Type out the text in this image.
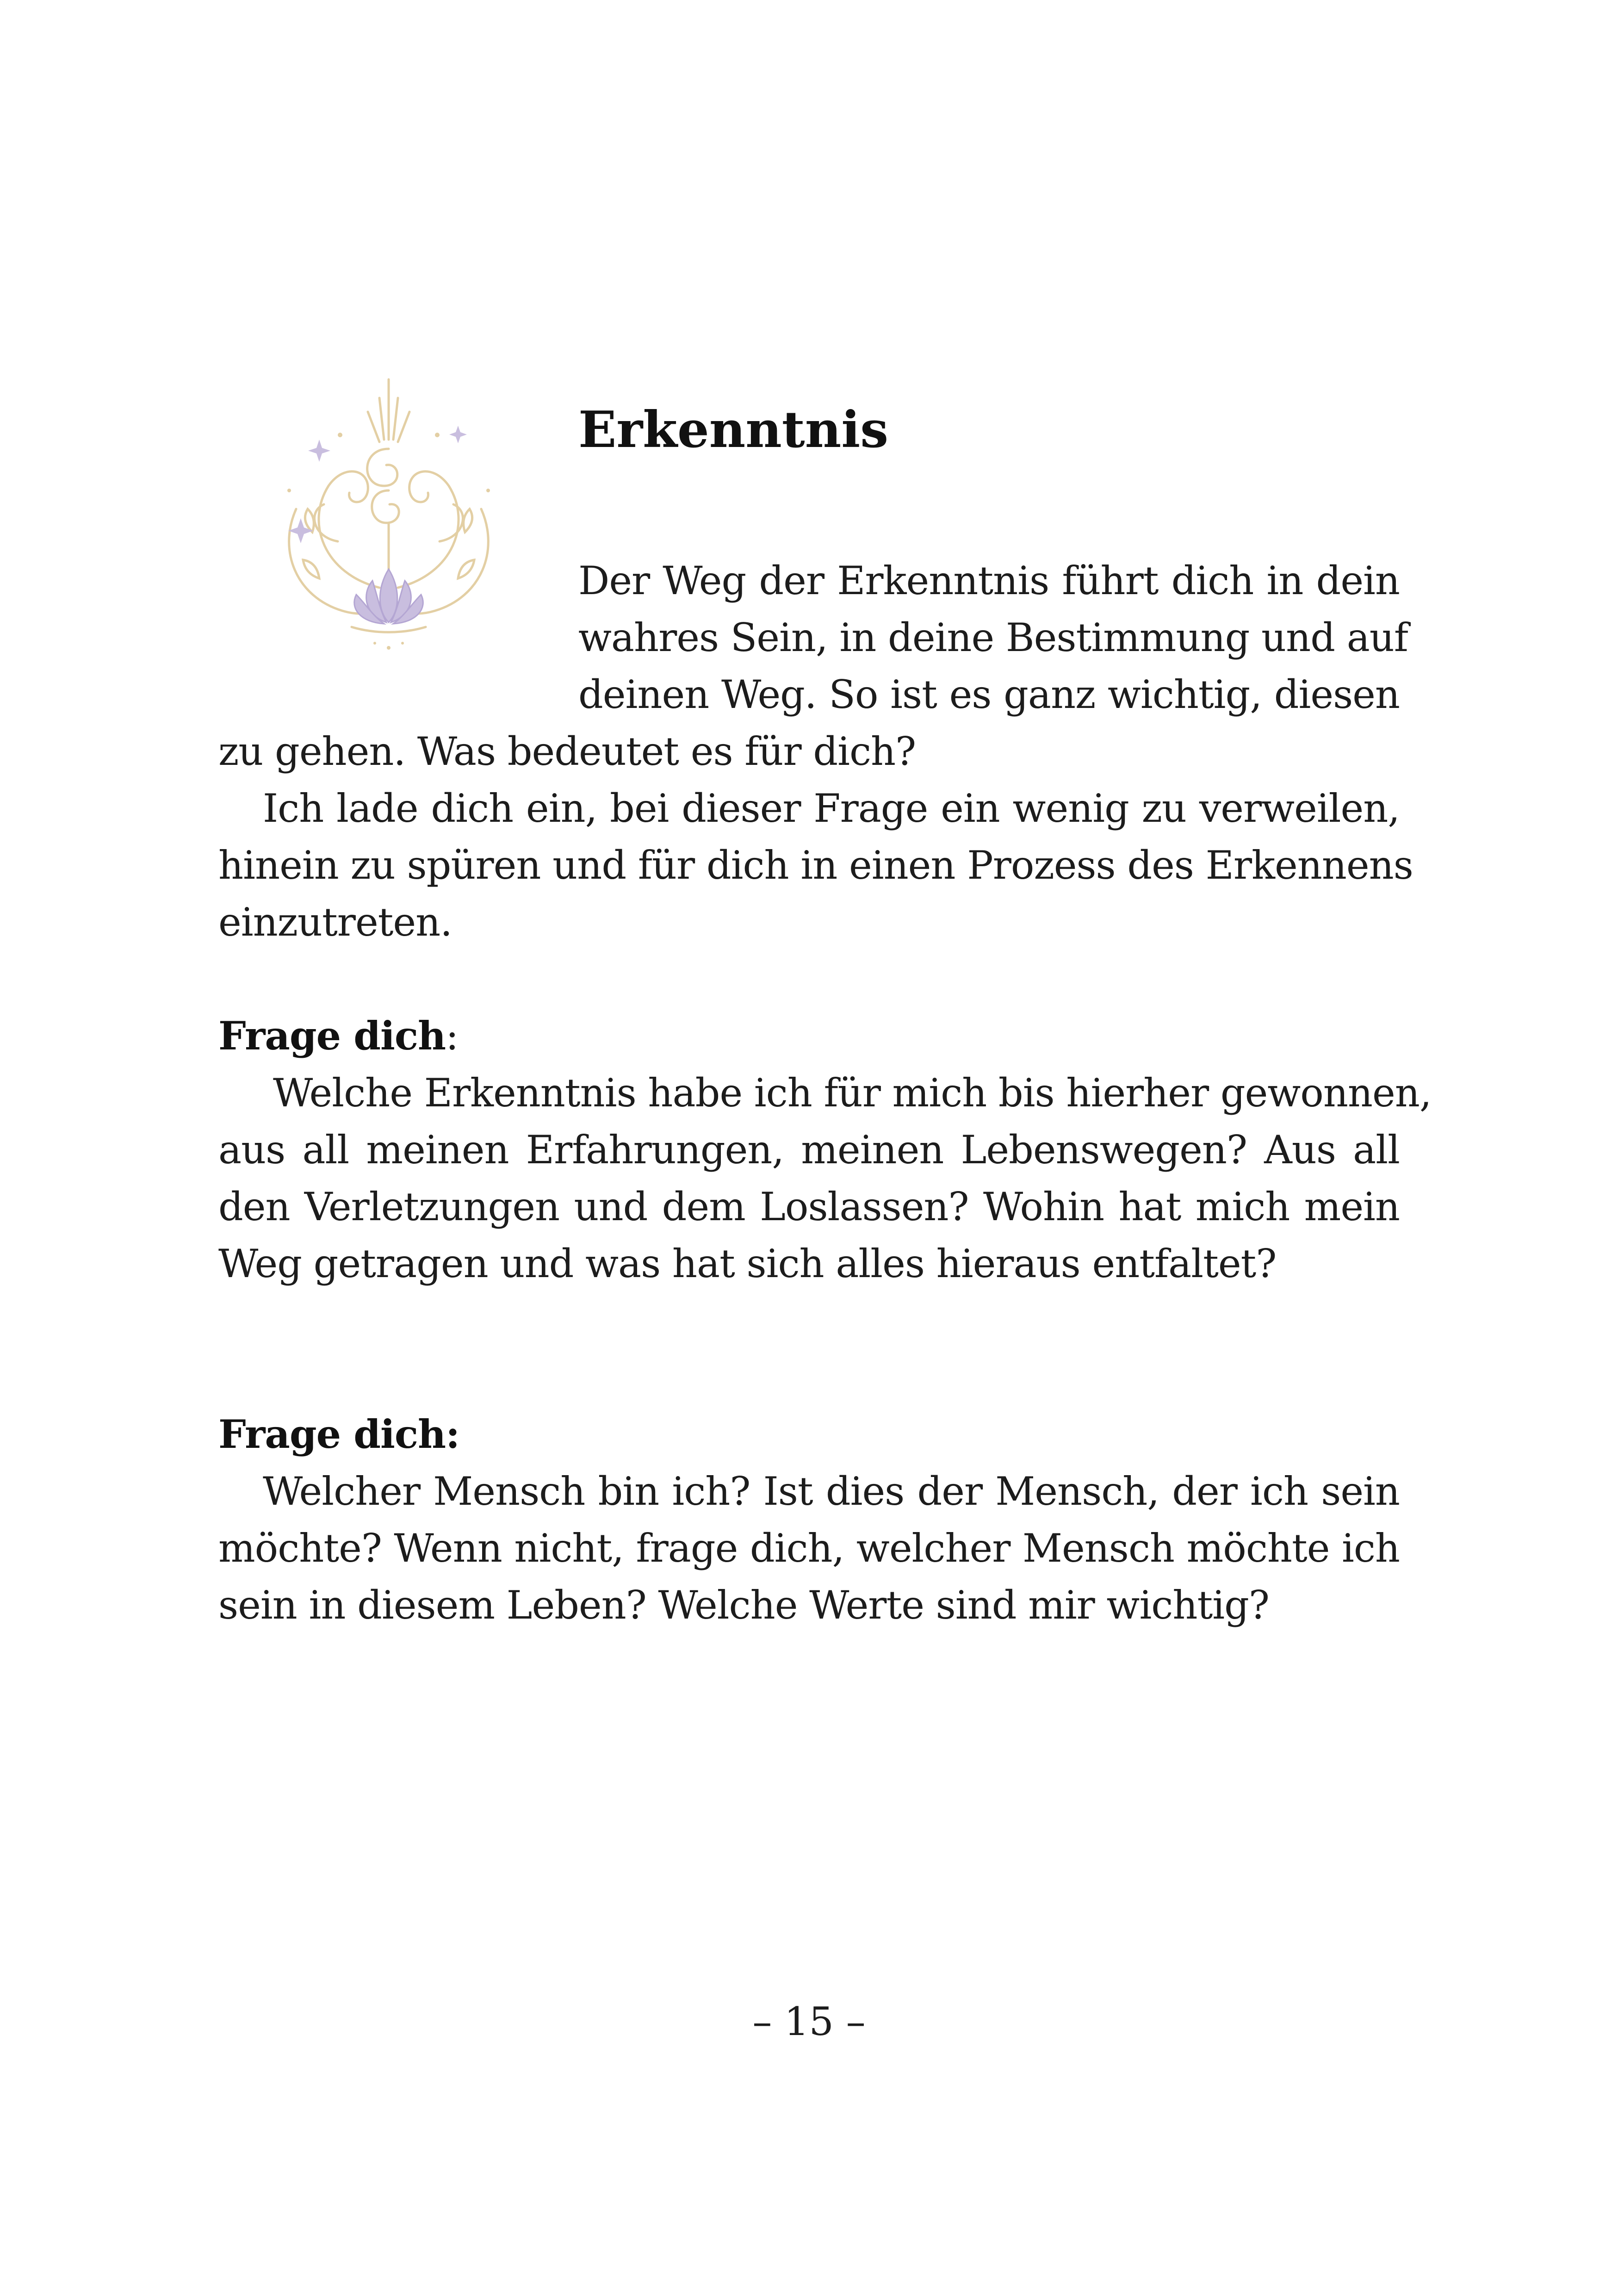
Erkenntnis
Der Weg der Erkenntnis führt dich in dein
wahres Sein, in deine Bestimmung und auf
deinen Weg. So ist es ganz wichtig, diesen
zu gehen. Was bedeutet es für dich?
Ich lade dich ein, bei dieser Frage ein wenig zu verweilen,
hinein zu spüren und für dich in einen Prozess des Erkennens
einzutreten.
Frage dich:
Welche Erkenntnis habe ich für mich bis hierher gewonnen,
aus all meinen Erfahrungen, meinen Lebenswegen? Aus all
den Verletzungen und dem Loslassen? Wohin hat mich mein
Weg getragen und was hat sich alles hieraus entfaltet?
Frage dich:
Welcher Mensch bin ich? Ist dies der Mensch, der ich sein
möchte? Wenn nicht, frage dich, welcher Mensch möchte ich
sein in diesem Leben? Welche Werte sind mir wichtig?
– 15 –
